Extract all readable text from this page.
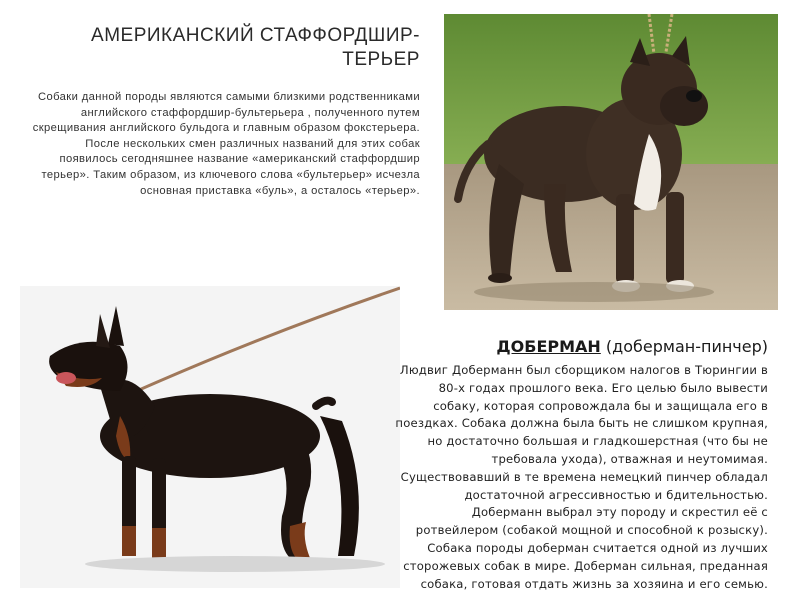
АМЕРИКАНСКИЙ СТАФФОРДШИР-ТЕРЬЕР
Собаки данной породы являются самыми близкими родственниками английского стаффордшир-бультерьера , полученного путем скрещивания английского бульдога и главным образом фокстерьера. После нескольких смен различных названий для этих собак появилось сегодняшнее название «американский стаффордшир терьер». Таким образом, из ключевого слова «бультерьер» исчезла основная приставка «буль», а осталось «терьер».
ДОБЕРМАН (доберман-пинчер)
Людвиг Доберманн был сборщиком налогов в Тюрингии в 80-х годах прошлого века. Его целью было вывести собаку, которая сопровождала бы и защищала его в поездках. Собака должна была быть не слишком крупная, но достаточно большая и гладкошерстная (что бы не требовала ухода), отважная и неутомимая. Существовавший в те времена немецкий пинчер обладал достаточной агрессивностью и бдительностью. Доберманн выбрал эту породу и скрестил её с ротвейлером (собакой мощной и способной к розыску). Собака породы доберман считается одной из лучших сторожевых собак в мире. Доберман сильная, преданная собака, готовая отдать жизнь за хозяина и его семью.
